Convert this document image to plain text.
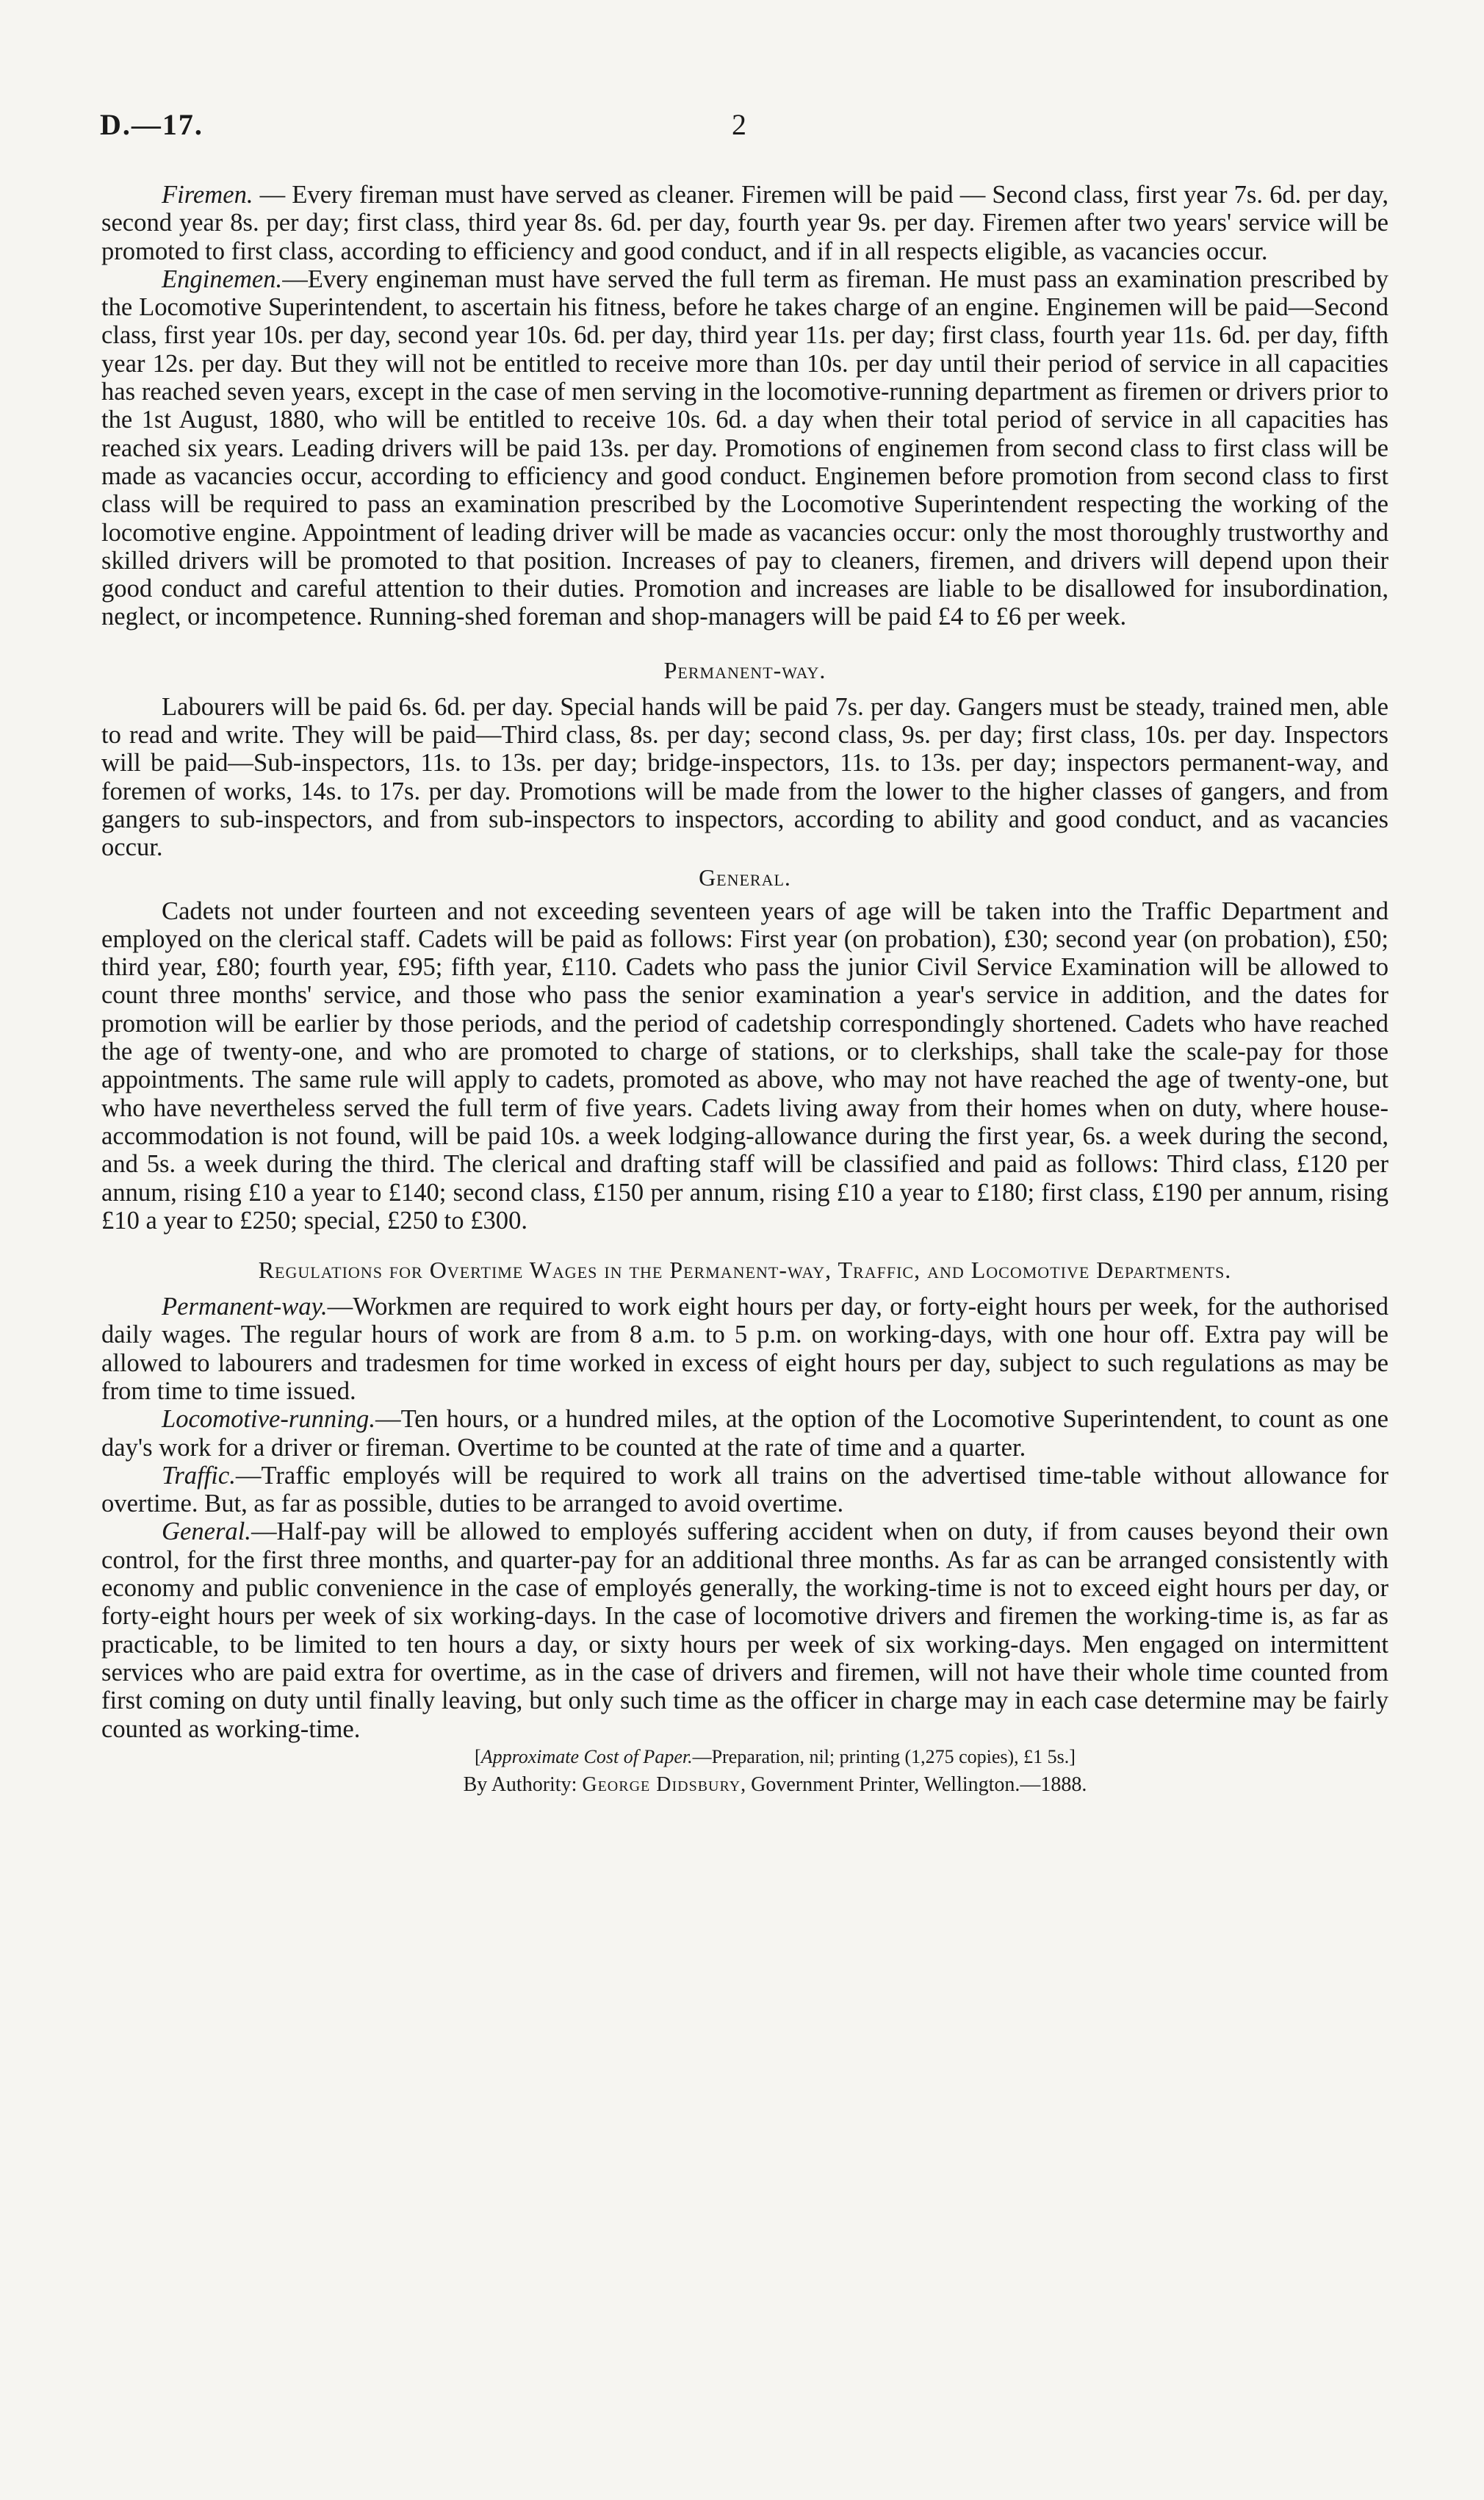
D.—17.	2

Firemen. — Every fireman must have served as cleaner. Firemen will be paid — Second class, first year 7s. 6d. per day, second year 8s. per day; first class, third year 8s. 6d. per day, fourth year 9s. per day. Firemen after two years' service will be promoted to first class, according to efficiency and good conduct, and if in all respects eligible, as vacancies occur.

Enginemen.—Every engineman must have served the full term as fireman. He must pass an examination prescribed by the Locomotive Superintendent, to ascertain his fitness, before he takes charge of an engine. Enginemen will be paid—Second class, first year 10s. per day, second year 10s. 6d. per day, third year 11s. per day; first class, fourth year 11s. 6d. per day, fifth year 12s. per day. But they will not be entitled to receive more than 10s. per day until their period of service in all capacities has reached seven years, except in the case of men serving in the locomotive-running department as firemen or drivers prior to the 1st August, 1880, who will be entitled to receive 10s. 6d. a day when their total period of service in all capacities has reached six years. Leading drivers will be paid 13s. per day. Promotions of enginemen from second class to first class will be made as vacancies occur, according to efficiency and good conduct. Enginemen before promotion from second class to first class will be required to pass an examination prescribed by the Locomotive Superintendent respecting the working of the locomotive engine. Appointment of leading driver will be made as vacancies occur: only the most thoroughly trustworthy and skilled drivers will be promoted to that position. Increases of pay to cleaners, firemen, and drivers will depend upon their good conduct and careful attention to their duties. Promotion and increases are liable to be disallowed for insubordination, neglect, or incompetence. Running-shed foreman and shop-managers will be paid £4 to £6 per week.

Permanent-way.

Labourers will be paid 6s. 6d. per day. Special hands will be paid 7s. per day. Gangers must be steady, trained men, able to read and write. They will be paid—Third class, 8s. per day; second class, 9s. per day; first class, 10s. per day. Inspectors will be paid—Sub-inspectors, 11s. to 13s. per day; bridge-inspectors, 11s. to 13s. per day; inspectors permanent-way, and foremen of works, 14s. to 17s. per day. Promotions will be made from the lower to the higher classes of gangers, and from gangers to sub-inspectors, and from sub-inspectors to inspectors, according to ability and good conduct, and as vacancies occur.

General.

Cadets not under fourteen and not exceeding seventeen years of age will be taken into the Traffic Department and employed on the clerical staff. Cadets will be paid as follows: First year (on probation), £30; second year (on probation), £50; third year, £80; fourth year, £95; fifth year, £110. Cadets who pass the junior Civil Service Examination will be allowed to count three months' service, and those who pass the senior examination a year's service in addition, and the dates for promotion will be earlier by those periods, and the period of cadetship correspondingly shortened. Cadets who have reached the age of twenty-one, and who are promoted to charge of stations, or to clerkships, shall take the scale-pay for those appointments. The same rule will apply to cadets, promoted as above, who may not have reached the age of twenty-one, but who have nevertheless served the full term of five years. Cadets living away from their homes when on duty, where house-accommodation is not found, will be paid 10s. a week lodging-allowance during the first year, 6s. a week during the second, and 5s. a week during the third. The clerical and drafting staff will be classified and paid as follows: Third class, £120 per annum, rising £10 a year to £140; second class, £150 per annum, rising £10 a year to £180; first class, £190 per annum, rising £10 a year to £250; special, £250 to £300.

Regulations for Overtime Wages in the Permanent-way, Traffic, and Locomotive Departments.

Permanent-way.—Workmen are required to work eight hours per day, or forty-eight hours per week, for the authorised daily wages. The regular hours of work are from 8 a.m. to 5 p.m. on working-days, with one hour off. Extra pay will be allowed to labourers and tradesmen for time worked in excess of eight hours per day, subject to such regulations as may be from time to time issued.

Locomotive-running.—Ten hours, or a hundred miles, at the option of the Locomotive Superintendent, to count as one day's work for a driver or fireman. Overtime to be counted at the rate of time and a quarter.

Traffic.—Traffic employés will be required to work all trains on the advertised time-table without allowance for overtime. But, as far as possible, duties to be arranged to avoid overtime.

General.—Half-pay will be allowed to employés suffering accident when on duty, if from causes beyond their own control, for the first three months, and quarter-pay for an additional three months. As far as can be arranged consistently with economy and public convenience in the case of employés generally, the working-time is not to exceed eight hours per day, or forty-eight hours per week of six working-days. In the case of locomotive drivers and firemen the working-time is, as far as practicable, to be limited to ten hours a day, or sixty hours per week of six working-days. Men engaged on intermittent services who are paid extra for overtime, as in the case of drivers and firemen, will not have their whole time counted from first coming on duty until finally leaving, but only such time as the officer in charge may in each case determine may be fairly counted as working-time.

[Approximate Cost of Paper.—Preparation, nil; printing (1,275 copies), £1 5s.]

By Authority: George Didsbury, Government Printer, Wellington.—1888.
